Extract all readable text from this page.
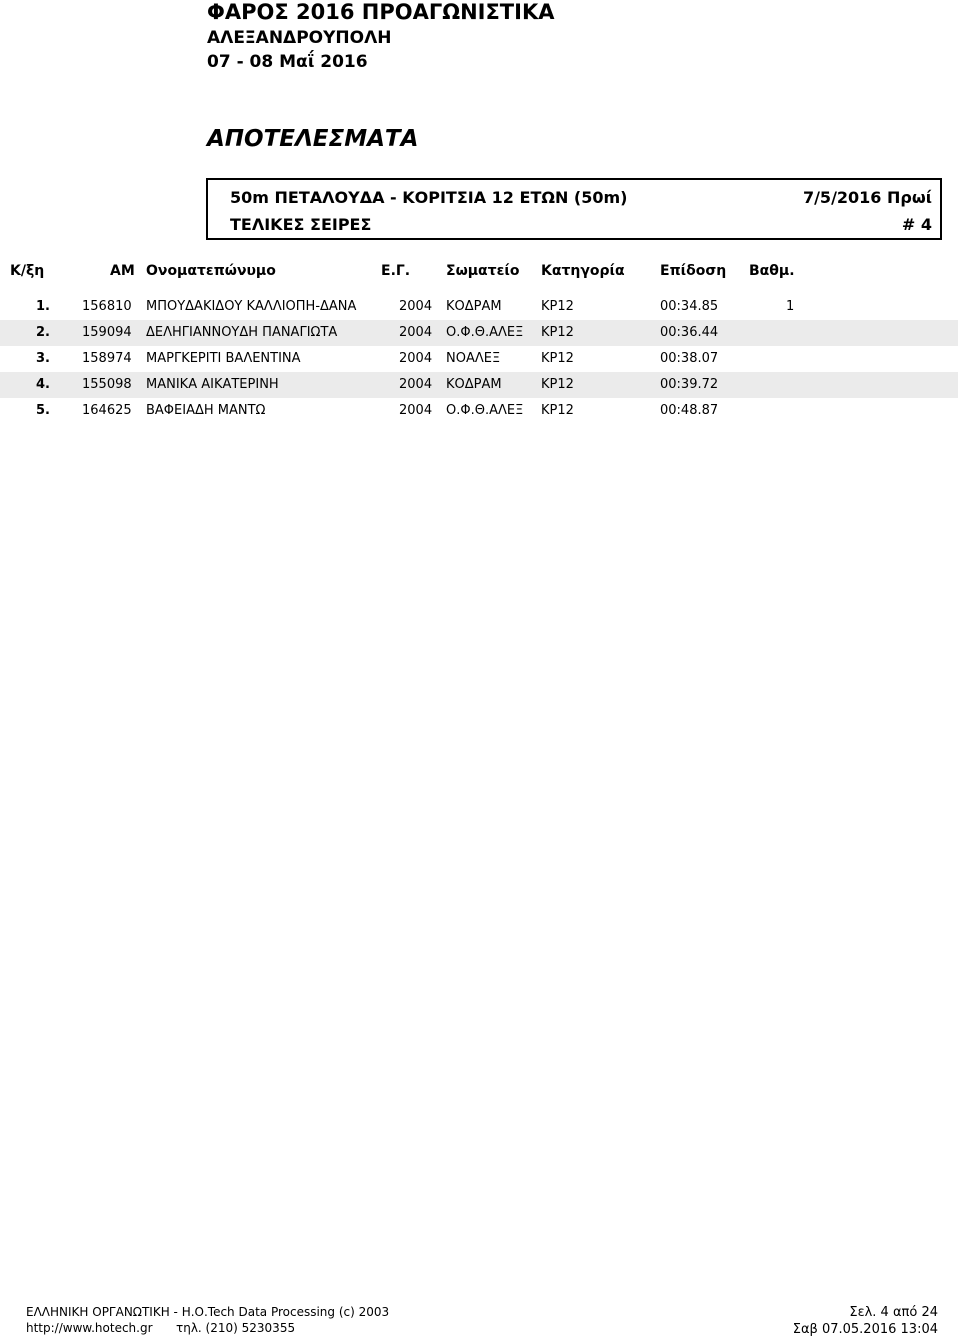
ΦΑΡΟΣ 2016 ΠΡΟΑΓΩΝΙΣΤΙΚΑ
ΑΛΕΞΑΝΔΡΟΥΠΟΛΗ
07 - 08 Μαΐ 2016
ΑΠΟΤΕΛΕΣΜΑΤΑ
50m ΠΕΤΑΛΟΥΔΑ - ΚΟΡΙΤΣΙΑ 12 ΕΤΩΝ (50m)	7/5/2016 Πρωί
ΤΕΛΙΚΕΣ ΣΕΙΡΕΣ	# 4
Κ/ξη	ΑΜ Ονοματεπώνυμο	Ε.Γ.	Σωματείο Κατηγορία	Επίδοση Βαθμ.
1. 156810 ΜΠΟΥΔΑΚΙΔΟΥ ΚΑΛΛΙΟΠΗ-ΔΑΝΑ	2004 ΚΟΔΡΑΜ	ΚΡ12	00:34.85	1
2. 159094 ΔΕΛΗΓΙΑΝΝΟΥΔΗ ΠΑΝΑΓΙΩΤΑ	2004 Ο.Φ.Θ.ΑΛΕΞ ΚΡ12	00:36.44
3. 158974 ΜΑΡΓΚΕΡΙΤΙ ΒΑΛΕΝΤΙΝΑ	2004 ΝΟΑΛΕΞ	ΚΡ12	00:38.07
4. 155098 ΜΑΝΙΚΑ ΑΙΚΑΤΕΡΙΝΗ	2004 ΚΟΔΡΑΜ	ΚΡ12	00:39.72
5. 164625 ΒΑΦΕΙΑΔΗ ΜΑΝΤΩ	2004 Ο.Φ.Θ.ΑΛΕΞ ΚΡ12	00:48.87
ΕΛΛΗΝΙΚΗ ΟΡΓΑΝΩΤΙΚΗ - Η.Ο.Tech Data Processing (c) 2003
http://www.hotech.gr τηλ. (210) 5230355
Σελ. 4 από 24
Σαβ 07.05.2016 13:04
